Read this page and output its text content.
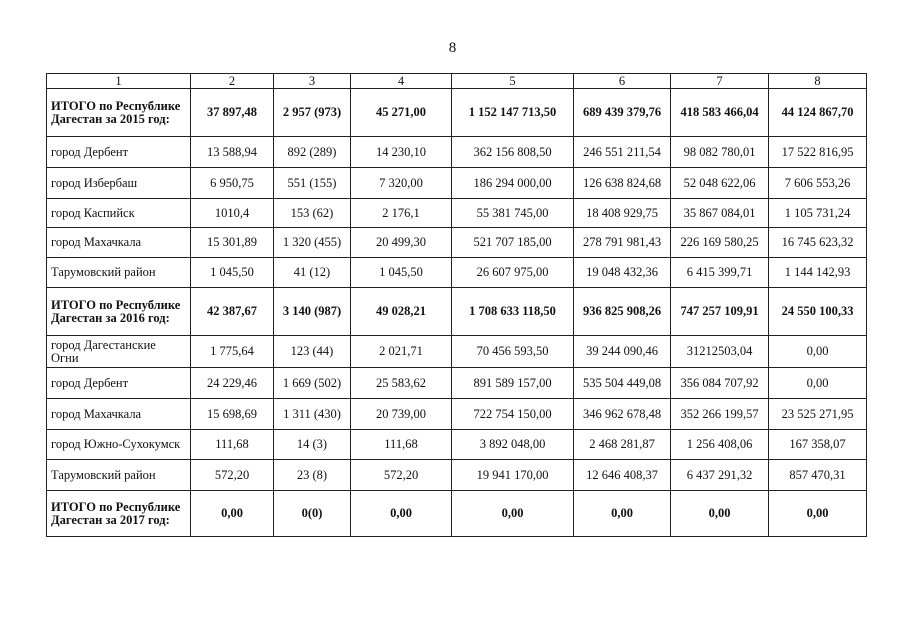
8
1	2	3	4	5	6	7	8
ИТОГО по Республике Дагестан за 2015 год:	37 897,48	2 957 (973)	45 271,00	1 152 147 713,50	689 439 379,76	418 583 466,04	44 124 867,70
город Дербент	13 588,94	892 (289)	14 230,10	362 156 808,50	246 551 211,54	98 082 780,01	17 522 816,95
город Избербаш	6 950,75	551 (155)	7 320,00	186 294 000,00	126 638 824,68	52 048 622,06	7 606 553,26
город Каспийск	1010,4	153 (62)	2 176,1	55 381 745,00	18 408 929,75	35 867 084,01	1 105 731,24
город Махачкала	15 301,89	1 320 (455)	20 499,30	521 707 185,00	278 791 981,43	226 169 580,25	16 745 623,32
Тарумовский район	1 045,50	41 (12)	1 045,50	26 607 975,00	19 048 432,36	6 415 399,71	1 144 142,93
ИТОГО по Республике Дагестан за 2016 год:	42 387,67	3 140 (987)	49 028,21	1 708 633 118,50	936 825 908,26	747 257 109,91	24 550 100,33
город Дагестанские Огни	1 775,64	123 (44)	2 021,71	70 456 593,50	39 244 090,46	31212503,04	0,00
город Дербент	24 229,46	1 669 (502)	25 583,62	891 589 157,00	535 504 449,08	356 084 707,92	0,00
город Махачкала	15 698,69	1 311 (430)	20 739,00	722 754 150,00	346 962 678,48	352 266 199,57	23 525 271,95
город Южно-Сухокумск	111,68	14 (3)	111,68	3 892 048,00	2 468 281,87	1 256 408,06	167 358,07
Тарумовский район	572,20	23 (8)	572,20	19 941 170,00	12 646 408,37	6 437 291,32	857 470,31
ИТОГО по Республике Дагестан за 2017 год:	0,00	0(0)	0,00	0,00	0,00	0,00	0,00
